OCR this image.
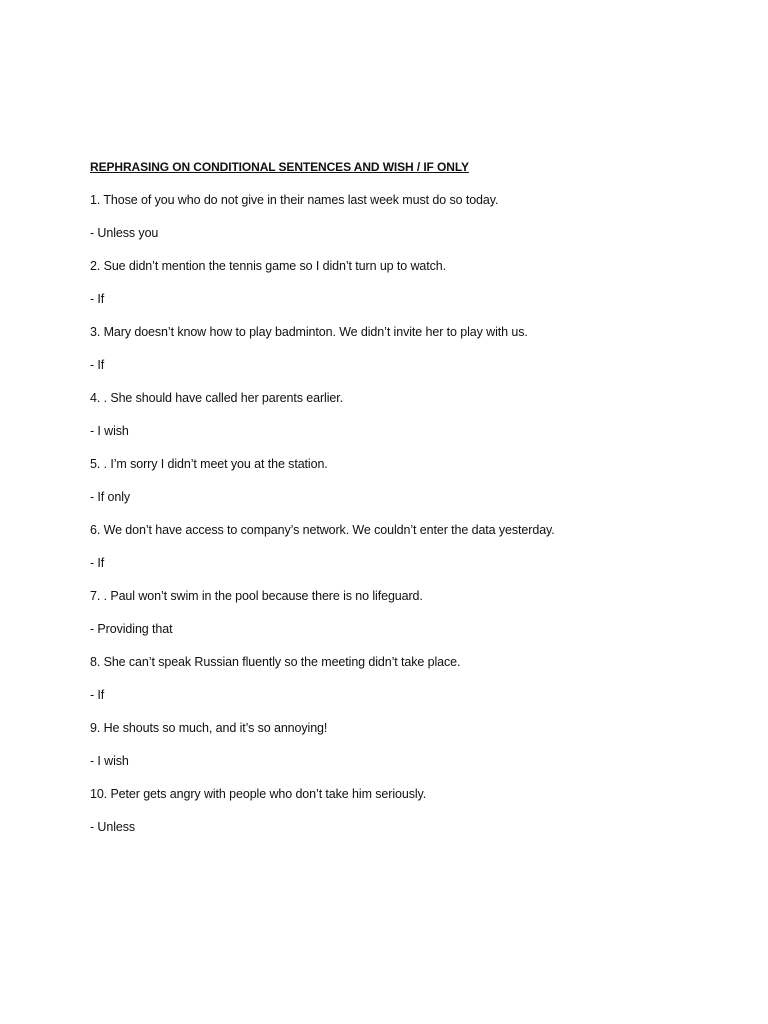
REPHRASING ON CONDITIONAL SENTENCES AND WISH / IF ONLY

1. Those of you who do not give in their names last week must do so today.

- Unless you

2. Sue didn’t mention the tennis game so I didn’t turn up to watch.

- If

3. Mary doesn’t know how to play badminton. We didn’t invite her to play with us.

- If

4. . She should have called her parents earlier.

- I wish

5. . I’m sorry I didn’t meet you at the station.

- If only

6. We don’t have access to company’s network. We couldn’t enter the data yesterday.

- If

7. . Paul won’t swim in the pool because there is no lifeguard.

- Providing that

8. She can’t speak Russian fluently so the meeting didn’t take place.

- If

9. He shouts so much, and it’s so annoying!

- I wish

10. Peter gets angry with people who don’t take him seriously.

- Unless
